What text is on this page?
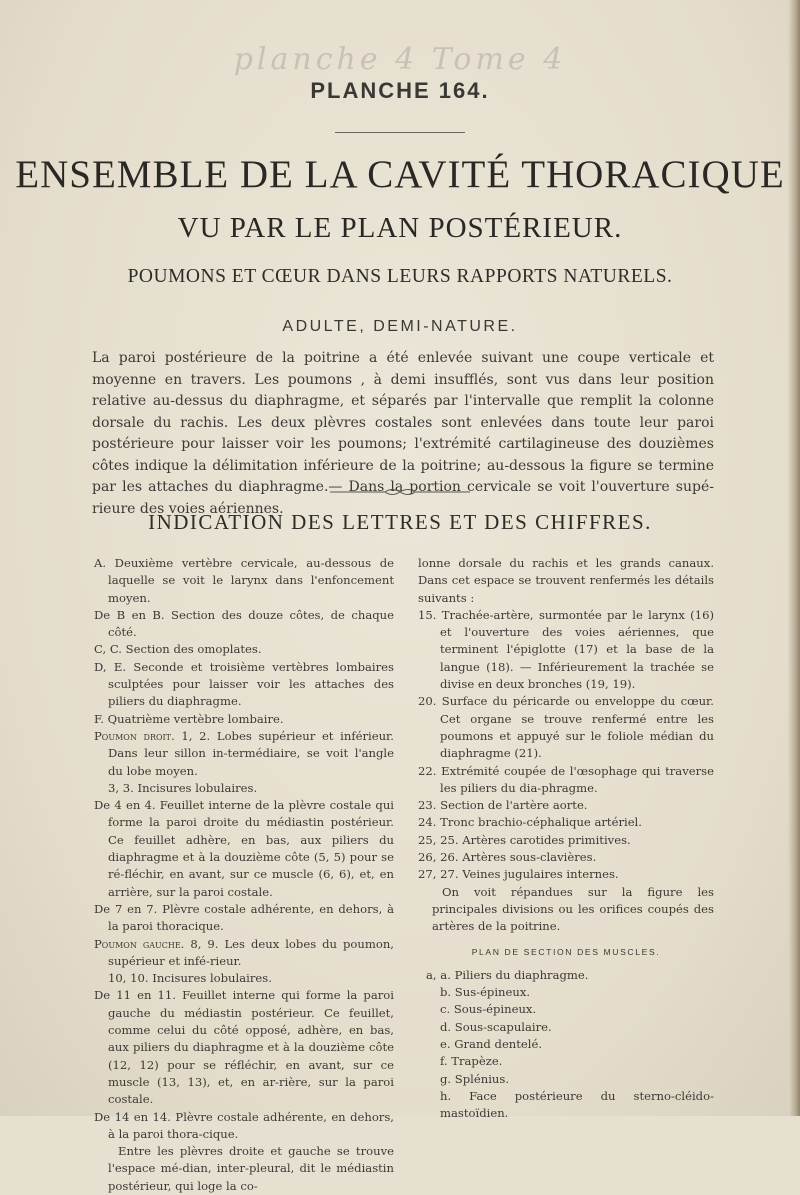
planche 4 Tome 4
PLANCHE 164.
ENSEMBLE DE LA CAVITÉ THORACIQUE
VU PAR LE PLAN POSTÉRIEUR.
POUMONS ET CŒUR DANS LEURS RAPPORTS NATURELS.
ADULTE, DEMI-NATURE.
La paroi postérieure de la poitrine a été enlevée suivant une coupe verticale et moyenne en travers. Les poumons , à demi insufflés, sont vus dans leur position relative au-dessus du diaphragme, et séparés par l'intervalle que remplit la colonne dorsale du rachis. Les deux plèvres costales sont enlevées dans toute leur paroi postérieure pour laisser voir les poumons; l'extrémité cartilagineuse des douzièmes côtes indique la délimitation inférieure de la poitrine; au-dessous la figure se termine par les attaches du diaphragme.— Dans la portion cervicale se voit l'ouverture supé-rieure des voies aériennes.
INDICATION DES LETTRES ET DES CHIFFRES.

A. Deuxième vertèbre cervicale, au-dessous de laquelle se voit le larynx dans l'enfoncement moyen.

De B en B. Section des douze côtes, de chaque côté.

C, C. Section des omoplates.

D, E. Seconde et troisième vertèbres lombaires sculptées pour laisser voir les attaches des piliers du diaphragme.

F. Quatrième vertèbre lombaire.

Poumon droit. 1, 2. Lobes supérieur et inférieur. Dans leur sillon in-termédiaire, se voit l'angle du lobe moyen.

3, 3. Incisures lobulaires.

De 4 en 4. Feuillet interne de la plèvre costale qui forme la paroi droite du médiastin postérieur. Ce feuillet adhère, en bas, aux piliers du diaphragme et à la douzième côte (5, 5) pour se ré-fléchir, en avant, sur ce muscle (6, 6), et, en arrière, sur la paroi costale.

De 7 en 7. Plèvre costale adhérente, en dehors, à la paroi thoracique.

Poumon gauche. 8, 9. Les deux lobes du poumon, supérieur et infé-rieur.

10, 10. Incisures lobulaires.

De 11 en 11. Feuillet interne qui forme la paroi gauche du médiastin postérieur. Ce feuillet, comme celui du côté opposé, adhère, en bas, aux piliers du diaphragme et à la douzième côte (12, 12) pour se réfléchir, en avant, sur ce muscle (13, 13), et, en ar-rière, sur la paroi costale.

De 14 en 14. Plèvre costale adhérente, en dehors, à la paroi thora-cique.

Entre les plèvres droite et gauche se trouve l'espace mé-dian, inter-pleural, dit le médiastin postérieur, qui loge la co-

lonne dorsale du rachis et les grands canaux. Dans cet espace se trouvent renfermés les détails suivants :

15. Trachée-artère, surmontée par le larynx (16) et l'ouverture des voies aériennes, que terminent l'épiglotte (17) et la base de la langue (18). — Inférieurement la trachée se divise en deux bronches (19, 19).

20. Surface du péricarde ou enveloppe du cœur. Cet organe se trouve renfermé entre les poumons et appuyé sur le foliole médian du diaphragme (21).

22. Extrémité coupée de l'œsophage qui traverse les piliers du dia-phragme.

23. Section de l'artère aorte.

24. Tronc brachio-céphalique artériel.

25, 25. Artères carotides primitives.

26, 26. Artères sous-clavières.

27, 27. Veines jugulaires internes.

On voit répandues sur la figure les principales divisions ou les orifices coupés des artères de la poitrine.

PLAN DE SECTION DES MUSCLES.

a, a. Piliers du diaphragme.

b. Sus-épineux.

c. Sous-épineux.

d. Sous-scapulaire.

e. Grand dentelé.

f. Trapèze.

g. Splénius.

h. Face postérieure du sterno-cléido-mastoïdien.
